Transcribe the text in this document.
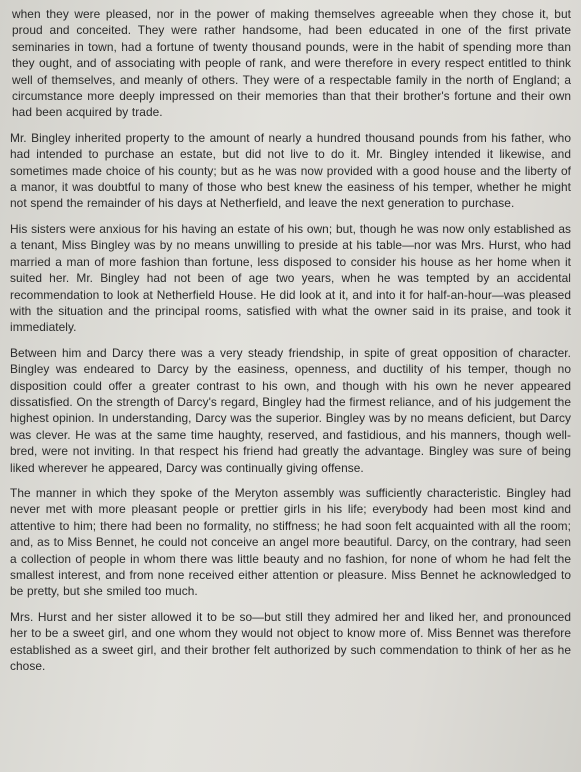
when they were pleased, nor in the power of making themselves agreeable when they chose it, but proud and conceited. They were rather handsome, had been educated in one of the first private seminaries in town, had a fortune of twenty thousand pounds, were in the habit of spending more than they ought, and of associating with people of rank, and were therefore in every respect entitled to think well of themselves, and meanly of others. They were of a respectable family in the north of England; a circumstance more deeply impressed on their memories than that their brother's fortune and their own had been acquired by trade.

Mr. Bingley inherited property to the amount of nearly a hundred thousand pounds from his father, who had intended to purchase an estate, but did not live to do it. Mr. Bingley intended it likewise, and sometimes made choice of his county; but as he was now provided with a good house and the liberty of a manor, it was doubtful to many of those who best knew the easiness of his temper, whether he might not spend the remainder of his days at Netherfield, and leave the next generation to purchase.

His sisters were anxious for his having an estate of his own; but, though he was now only established as a tenant, Miss Bingley was by no means unwilling to preside at his table—nor was Mrs. Hurst, who had married a man of more fashion than fortune, less disposed to consider his house as her home when it suited her. Mr. Bingley had not been of age two years, when he was tempted by an accidental recommendation to look at Netherfield House. He did look at it, and into it for half-an-hour—was pleased with the situation and the principal rooms, satisfied with what the owner said in its praise, and took it immediately.

Between him and Darcy there was a very steady friendship, in spite of great opposition of character. Bingley was endeared to Darcy by the easiness, openness, and ductility of his temper, though no disposition could offer a greater contrast to his own, and though with his own he never appeared dissatisfied. On the strength of Darcy's regard, Bingley had the firmest reliance, and of his judgement the highest opinion. In understanding, Darcy was the superior. Bingley was by no means deficient, but Darcy was clever. He was at the same time haughty, reserved, and fastidious, and his manners, though well-bred, were not inviting. In that respect his friend had greatly the advantage. Bingley was sure of being liked wherever he appeared, Darcy was continually giving offense.

The manner in which they spoke of the Meryton assembly was sufficiently characteristic. Bingley had never met with more pleasant people or prettier girls in his life; everybody had been most kind and attentive to him; there had been no formality, no stiffness; he had soon felt acquainted with all the room; and, as to Miss Bennet, he could not conceive an angel more beautiful. Darcy, on the contrary, had seen a collection of people in whom there was little beauty and no fashion, for none of whom he had felt the smallest interest, and from none received either attention or pleasure. Miss Bennet he acknowledged to be pretty, but she smiled too much.

Mrs. Hurst and her sister allowed it to be so—but still they admired her and liked her, and pronounced her to be a sweet girl, and one whom they would not object to know more of. Miss Bennet was therefore established as a sweet girl, and their brother felt authorized by such commendation to think of her as he chose.
